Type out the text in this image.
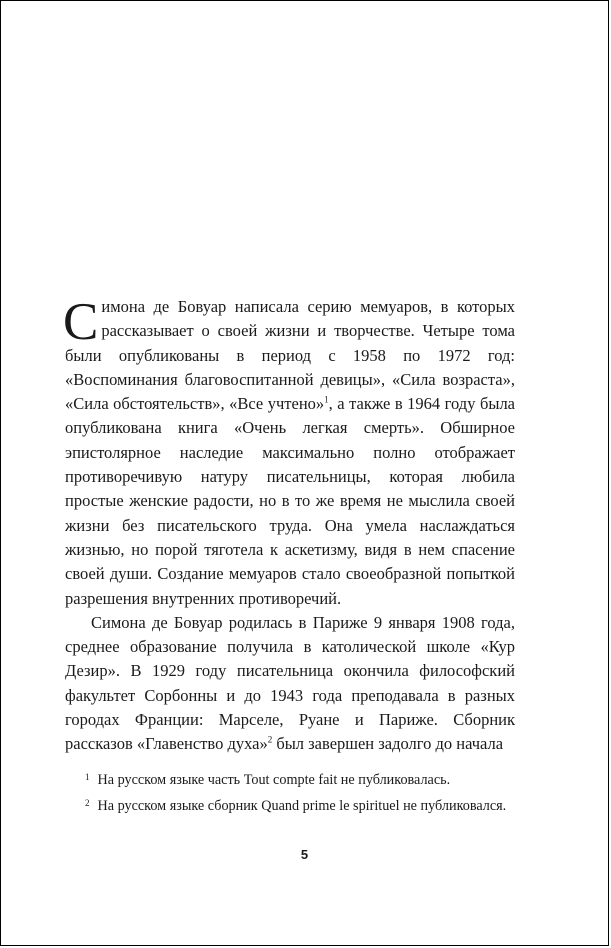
Симона де Бовуар написала серию мемуаров, в которых рассказывает о своей жизни и творчестве. Четыре тома были опубликованы в период с 1958 по 1972 год: «Воспоминания благовоспитанной девицы», «Сила возраста», «Сила обстоятельств», «Все учтено»$^1$, а также в 1964 году была опубликована книга «Очень легкая смерть». Обширное эпистолярное наследие максимально полно отображает противоречивую натуру писательницы, которая любила простые женские радости, но в то же время не мыслила своей жизни без писательского труда. Она умела наслаждаться жизнью, но порой тяготела к аскетизму, видя в нем спасение своей души. Создание мемуаров стало своеобразной попыткой разрешения внутренних противоречий.

Симона де Бовуар родилась в Париже 9 января 1908 года, среднее образование получила в католической школе «Кур Дезир». В 1929 году писательница окончила философский факультет Сорбонны и до 1943 года преподавала в разных городах Франции: Марселе, Руане и Париже. Сборник рассказов «Главенство духа»$^2$ был завершен задолго до начала

$^1$ На русском языке часть Tout compte fait не публиковалась.

$^2$ На русском языке сборник Quand prime le spirituel не публиковался.

5
